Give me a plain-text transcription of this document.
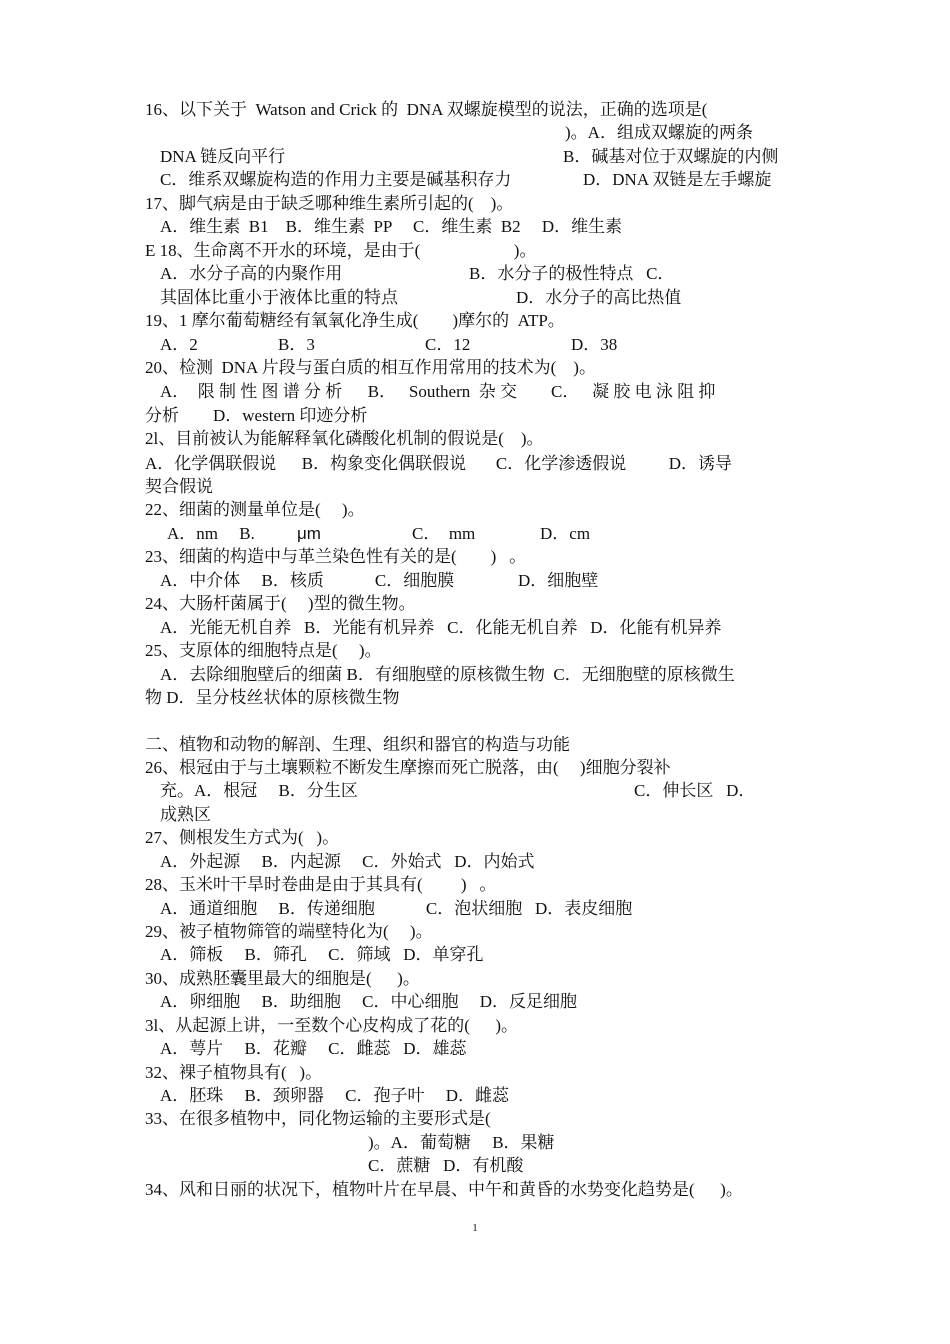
16、以下关于  Watson and Crick 的  DNA 双螺旋模型的说法，正确的选项是(
)。A．组成双螺旋的两条
DNA 链反向平行	B．碱基对位于双螺旋的内侧
C．维系双螺旋构造的作用力主要是碱基积存力	D．DNA 双链是左手螺旋
17、脚气病是由于缺乏哪种维生素所引起的(    )。
A．维生素  B1    B．维生素  PP     C．维生素  B2     D．维生素
E 18、生命离不开水的环境，是由于(                      )。
A．水分子高的内聚作用	B．水分子的极性特点   C．
其固体比重小于液体比重的特点	D．水分子的高比热值
19、1 摩尔葡萄糖经有氧氧化净生成(        )摩尔的  ATP。
A．2	B．3	C．12	D．38
20、检测  DNA 片段与蛋白质的相互作用常用的技术为(    )。
A．  限 制 性 图 谱 分 析      B．   Southern  杂 交        C．   凝 胶 电 泳 阻 抑
分析        D．western 印迹分析
2l、目前被认为能解释氧化磷酸化机制的假说是(    )。
A．化学偶联假说      B．构象变化偶联假说       C．化学渗透假说          D．诱导
契合假说
22、细菌的测量单位是(     )。
A．nm     B. μm	C．  mm	D．cm
23、细菌的构造中与革兰染色性有关的是(        )   。
A．中介体     B．核质            C．细胞膜               D．细胞壁
24、大肠杆菌属于(     )型的微生物。
A．光能无机自养   B．光能有机异养   C．化能无机自养   D．化能有机异养
25、支原体的细胞特点是(     )。
A．去除细胞壁后的细菌 B．有细胞壁的原核微生物  C．无细胞壁的原核微生
物 D．呈分枝丝状体的原核微生物
二、植物和动物的解剖、生理、组织和器官的构造与功能
26、根冠由于与土壤颗粒不断发生摩擦而死亡脱落，由(     )细胞分裂补
充。A．根冠     B．分生区	C．伸长区   D．
成熟区
27、侧根发生方式为(   )。
A．外起源     B．内起源     C．外始式   D．内始式
28、玉米叶干旱时卷曲是由于其具有(         )   。
A．通道细胞     B．传递细胞            C．泡状细胞   D．表皮细胞
29、被子植物筛管的端壁特化为(     )。
A．筛板     B．筛孔     C．筛域   D．单穿孔
30、成熟胚囊里最大的细胞是(      )。
A．卵细胞     B．助细胞     C．中心细胞     D．反足细胞
3l、从起源上讲，一至数个心皮构成了花的(      )。
A．萼片     B．花瓣     C．雌蕊   D．雄蕊
32、裸子植物具有(   )。
A．胚珠     B．颈卵器     C．孢子叶     D．雌蕊
33、在很多植物中，同化物运输的主要形式是(
)。A．葡萄糖     B．果糖
C．蔗糖   D．有机酸
34、风和日丽的状况下，植物叶片在早晨、中午和黄昏的水势变化趋势是(      )。
1
